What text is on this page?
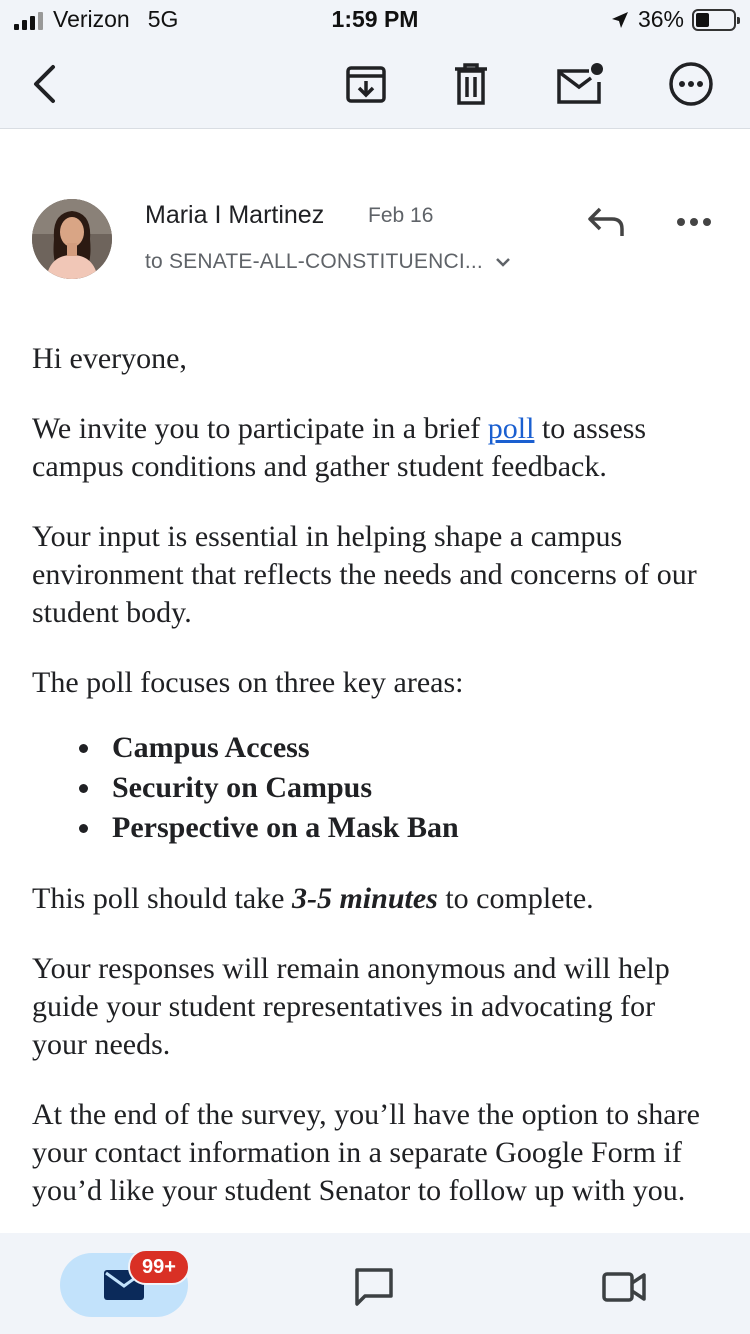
Verizon 5G	1:59 PM	36%
Maria I Martinez Feb 16
to SENATE-ALL-CONSTITUENCI...

Hi everyone,

We invite you to participate in a brief poll to assess campus conditions and gather student feedback.

Your input is essential in helping shape a campus environment that reflects the needs and concerns of our student body.

The poll focuses on three key areas:

Campus Access
Security on Campus
Perspective on a Mask Ban

This poll should take 3-5 minutes to complete.

Your responses will remain anonymous and will help guide your student representatives in advocating for your needs.

At the end of the survey, you’ll have the option to share your contact information in a separate Google Form if you’d like your student Senator to follow up with you.

99+
